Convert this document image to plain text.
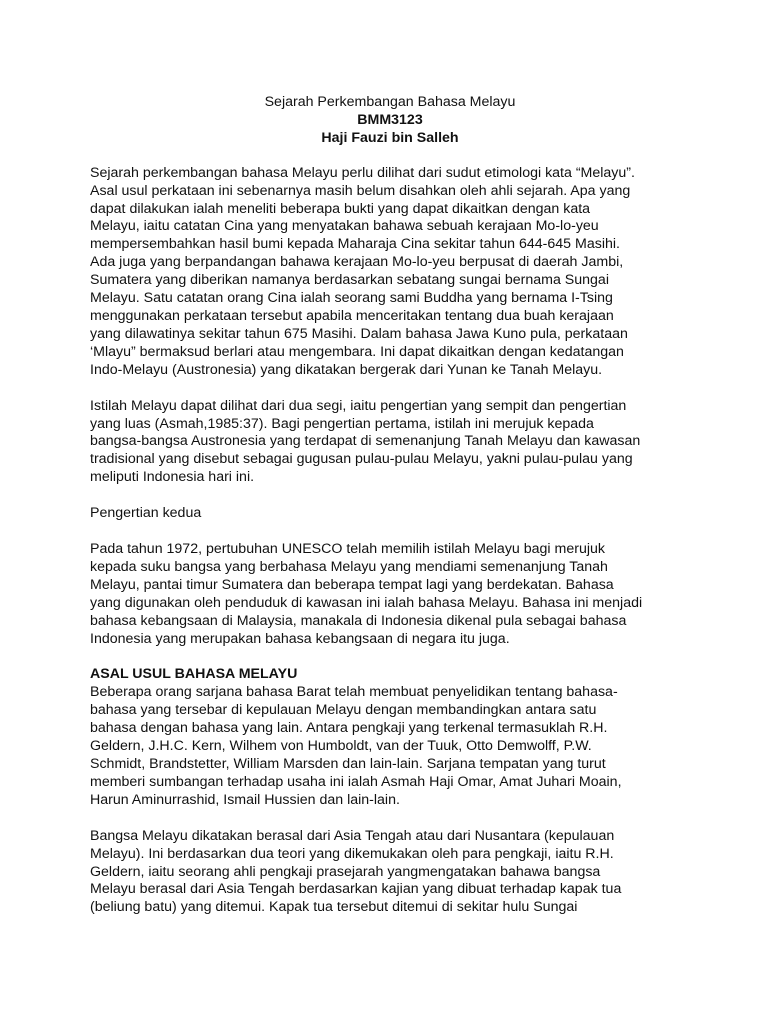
Sejarah Perkembangan Bahasa Melayu
BMM3123
Haji Fauzi bin Salleh

Sejarah perkembangan bahasa Melayu perlu dilihat dari sudut etimologi kata “Melayu”.
Asal usul perkataan ini sebenarnya masih belum disahkan oleh ahli sejarah. Apa yang
dapat dilakukan ialah meneliti beberapa bukti yang dapat dikaitkan dengan kata
Melayu, iaitu catatan Cina yang menyatakan bahawa sebuah kerajaan Mo-lo-yeu
mempersembahkan hasil bumi kepada Maharaja Cina sekitar tahun 644-645 Masihi.
Ada juga yang berpandangan bahawa kerajaan Mo-lo-yeu berpusat di daerah Jambi,
Sumatera yang diberikan namanya berdasarkan sebatang sungai bernama Sungai
Melayu. Satu catatan orang Cina ialah seorang sami Buddha yang bernama I-Tsing
menggunakan perkataan tersebut apabila menceritakan tentang dua buah kerajaan
yang dilawatinya sekitar tahun 675 Masihi. Dalam bahasa Jawa Kuno pula, perkataan
‘Mlayu” bermaksud berlari atau mengembara. Ini dapat dikaitkan dengan kedatangan
Indo-Melayu (Austronesia) yang dikatakan bergerak dari Yunan ke Tanah Melayu.

Istilah Melayu dapat dilihat dari dua segi, iaitu pengertian yang sempit dan pengertian
yang luas (Asmah,1985:37). Bagi pengertian pertama, istilah ini merujuk kepada
bangsa-bangsa Austronesia yang terdapat di semenanjung Tanah Melayu dan kawasan
tradisional yang disebut sebagai gugusan pulau-pulau Melayu, yakni pulau-pulau yang
meliputi Indonesia hari ini.

Pengertian kedua

Pada tahun 1972, pertubuhan UNESCO telah memilih istilah Melayu bagi merujuk
kepada suku bangsa yang berbahasa Melayu yang mendiami semenanjung Tanah
Melayu, pantai timur Sumatera dan beberapa tempat lagi yang berdekatan. Bahasa
yang digunakan oleh penduduk di kawasan ini ialah bahasa Melayu. Bahasa ini menjadi
bahasa kebangsaan di Malaysia, manakala di Indonesia dikenal pula sebagai bahasa
Indonesia yang merupakan bahasa kebangsaan di negara itu juga.

ASAL USUL BAHASA MELAYU

Beberapa orang sarjana bahasa Barat telah membuat penyelidikan tentang bahasa-
bahasa yang tersebar di kepulauan Melayu dengan membandingkan antara satu
bahasa dengan bahasa yang lain. Antara pengkaji yang terkenal termasuklah R.H.
Geldern, J.H.C. Kern, Wilhem von Humboldt, van der Tuuk, Otto Demwolff, P.W.
Schmidt, Brandstetter, William Marsden dan lain-lain. Sarjana tempatan yang turut
memberi sumbangan terhadap usaha ini ialah Asmah Haji Omar, Amat Juhari Moain,
Harun Aminurrashid, Ismail Hussien dan lain-lain.

Bangsa Melayu dikatakan berasal dari Asia Tengah atau dari Nusantara (kepulauan
Melayu). Ini berdasarkan dua teori yang dikemukakan oleh para pengkaji, iaitu R.H.
Geldern, iaitu seorang ahli pengkaji prasejarah yangmengatakan bahawa bangsa
Melayu berasal dari Asia Tengah berdasarkan kajian yang dibuat terhadap kapak tua
(beliung batu) yang ditemui. Kapak tua tersebut ditemui di sekitar hulu Sungai
